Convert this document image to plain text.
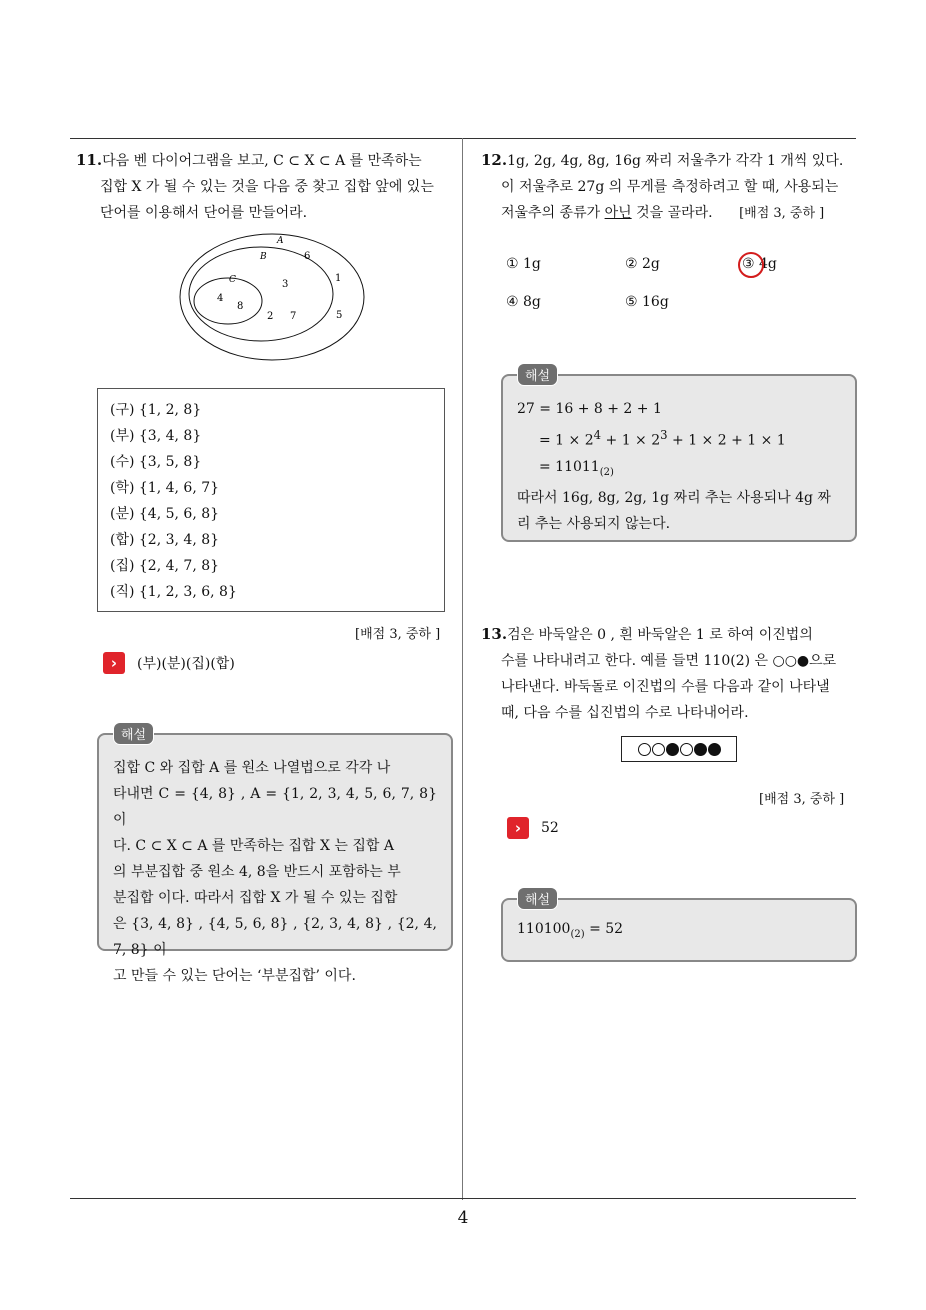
11.다음 벤 다이어그램을 보고, C ⊂ X ⊂ A 를 만족하는
집합 X 가 될 수 있는 것을 다음 중 찾고 집합 앞에 있는
단어를 이용해서 단어를 만들어라.
A
B
C
6
1
3
4
8
2 7	5
(구) {1, 2, 8}
(부) {3, 4, 8}
(수) {3, 5, 8}
(학) {1, 4, 6, 7}
(분) {4, 5, 6, 8}
(합) {2, 3, 4, 8}
(집) {2, 4, 7, 8}
(직) {1, 2, 3, 6, 8}
[배점 3, 중하 ]
›	(부)(분)(집)(합)
해설
집합 C 와 집합 A 를 원소 나열법으로 각각 나
타내면 C = {4, 8} , A = {1, 2, 3, 4, 5, 6, 7, 8} 이
다. C ⊂ X ⊂ A 를 만족하는 집합 X 는 집합 A
의 부분집합 중 원소 4, 8을 반드시 포함하는 부
분집합 이다. 따라서 집합 X 가 될 수 있는 집합
은 {3, 4, 8} , {4, 5, 6, 8} , {2, 3, 4, 8} , {2, 4, 7, 8} 이
고 만들 수 있는 단어는 ‘부분집합’ 이다.
12.1g, 2g, 4g, 8g, 16g 짜리 저울추가 각각 1 개씩 있다.
이 저울추로 27g 의 무게를 측정하려고 할 때, 사용되는
저울추의 종류가 아닌 것을 골라라. [배점 3, 중하 ]
① 1g	② 2g	③ 4g
④ 8g	⑤ 16g
해설
27 = 16 + 8 + 2 + 1
= $1 \times 2^4 + 1 \times 2^3 + 1 \times 2 + 1 \times 1$
= $11011_{(2)}$
따라서 16g, 8g, 2g, 1g 짜리 추는 사용되나 4g 짜
리 추는 사용되지 않는다.
13.검은 바둑알은 0 , 흰 바둑알은 1 로 하여 이진법의
수를 나타내려고 한다. 예를 들면 110(2) 은 ○○●으로
나타낸다. 바둑돌로 이진법의 수를 다음과 같이 나타낼
때, 다음 수를 십진법의 수로 나타내어라.
[배점 3, 중하 ]
›	52
해설
$110100_{(2)} = 52$
4
